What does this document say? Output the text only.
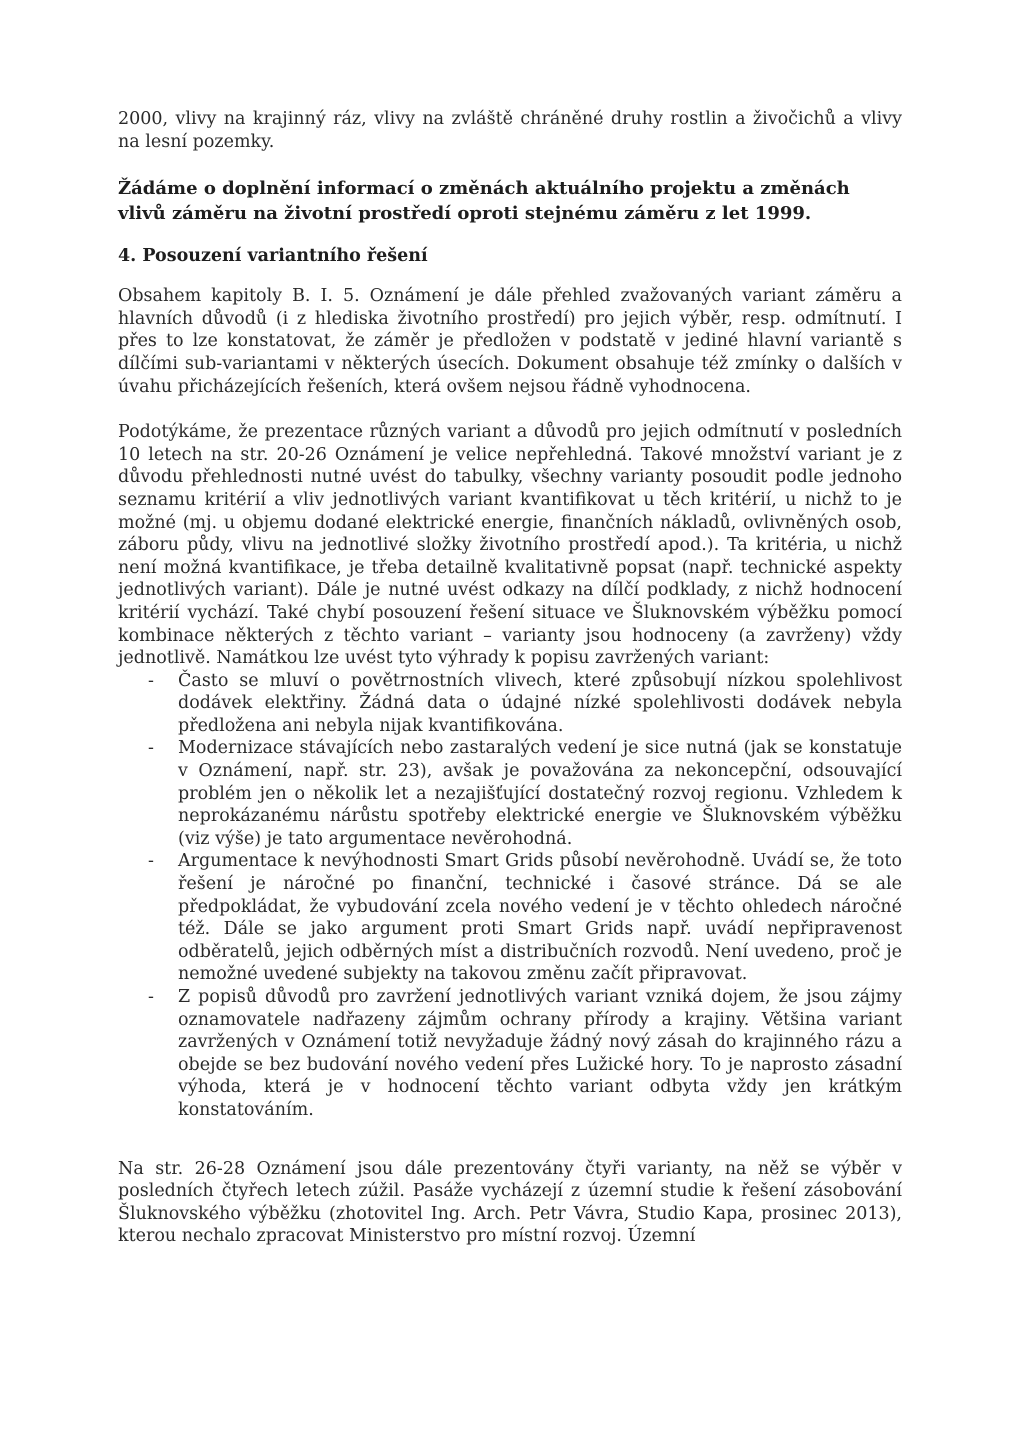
2000, vlivy na krajinný ráz, vlivy na zvláště chráněné druhy rostlin a živočichů a vlivy na lesní pozemky.

Žádáme o doplnění informací o změnách aktuálního projektu a změnách vlivů záměru na životní prostředí oproti stejnému záměru z let 1999.

4. Posouzení variantního řešení

Obsahem kapitoly B. I. 5. Oznámení je dále přehled zvažovaných variant záměru a hlavních důvodů (i z hlediska životního prostředí) pro jejich výběr, resp. odmítnutí. I přes to lze konstatovat, že záměr je předložen v podstatě v jediné hlavní variantě s dílčími sub-variantami v některých úsecích. Dokument obsahuje též zmínky o dalších v úvahu přicházejících řešeních, která ovšem nejsou řádně vyhodnocena.

Podotýkáme, že prezentace různých variant a důvodů pro jejich odmítnutí v posledních 10 letech na str. 20-26 Oznámení je velice nepřehledná. Takové množství variant je z důvodu přehlednosti nutné uvést do tabulky, všechny varianty posoudit podle jednoho seznamu kritérií a vliv jednotlivých variant kvantifikovat u těch kritérií, u nichž to je možné (mj. u objemu dodané elektrické energie, finančních nákladů, ovlivněných osob, záboru půdy, vlivu na jednotlivé složky životního prostředí apod.). Ta kritéria, u nichž není možná kvantifikace, je třeba detailně kvalitativně popsat (např. technické aspekty jednotlivých variant). Dále je nutné uvést odkazy na dílčí podklady, z nichž hodnocení kritérií vychází. Také chybí posouzení řešení situace ve Šluknovském výběžku pomocí kombinace některých z těchto variant – varianty jsou hodnoceny (a zavrženy) vždy jednotlivě. Namátkou lze uvést tyto výhrady k popisu zavržených variant:

- Často se mluví o povětrnostních vlivech, které způsobují nízkou spolehlivost dodávek elektřiny. Žádná data o údajné nízké spolehlivosti dodávek nebyla předložena ani nebyla nijak kvantifikována.
- Modernizace stávajících nebo zastaralých vedení je sice nutná (jak se konstatuje v Oznámení, např. str. 23), avšak je považována za nekoncepční, odsouvající problém jen o několik let a nezajišťující dostatečný rozvoj regionu. Vzhledem k neprokázanému nárůstu spotřeby elektrické energie ve Šluknovském výběžku (viz výše) je tato argumentace nevěrohodná.
- Argumentace k nevýhodnosti Smart Grids působí nevěrohodně. Uvádí se, že toto řešení je náročné po finanční, technické i časové stránce. Dá se ale předpokládat, že vybudování zcela nového vedení je v těchto ohledech náročné též. Dále se jako argument proti Smart Grids např. uvádí nepřipravenost odběratelů, jejich odběrných míst a distribučních rozvodů. Není uvedeno, proč je nemožné uvedené subjekty na takovou změnu začít připravovat.
- Z popisů důvodů pro zavržení jednotlivých variant vzniká dojem, že jsou zájmy oznamovatele nadřazeny zájmům ochrany přírody a krajiny. Většina variant zavržených v Oznámení totiž nevyžaduje žádný nový zásah do krajinného rázu a obejde se bez budování nového vedení přes Lužické hory. To je naprosto zásadní výhoda, která je v hodnocení těchto variant odbyta vždy jen krátkým konstatováním.

Na str. 26-28 Oznámení jsou dále prezentovány čtyři varianty, na něž se výběr v posledních čtyřech letech zúžil. Pasáže vycházejí z územní studie k řešení zásobování Šluknovského výběžku (zhotovitel Ing. Arch. Petr Vávra, Studio Kapa, prosinec 2013), kterou nechalo zpracovat Ministerstvo pro místní rozvoj. Územní
